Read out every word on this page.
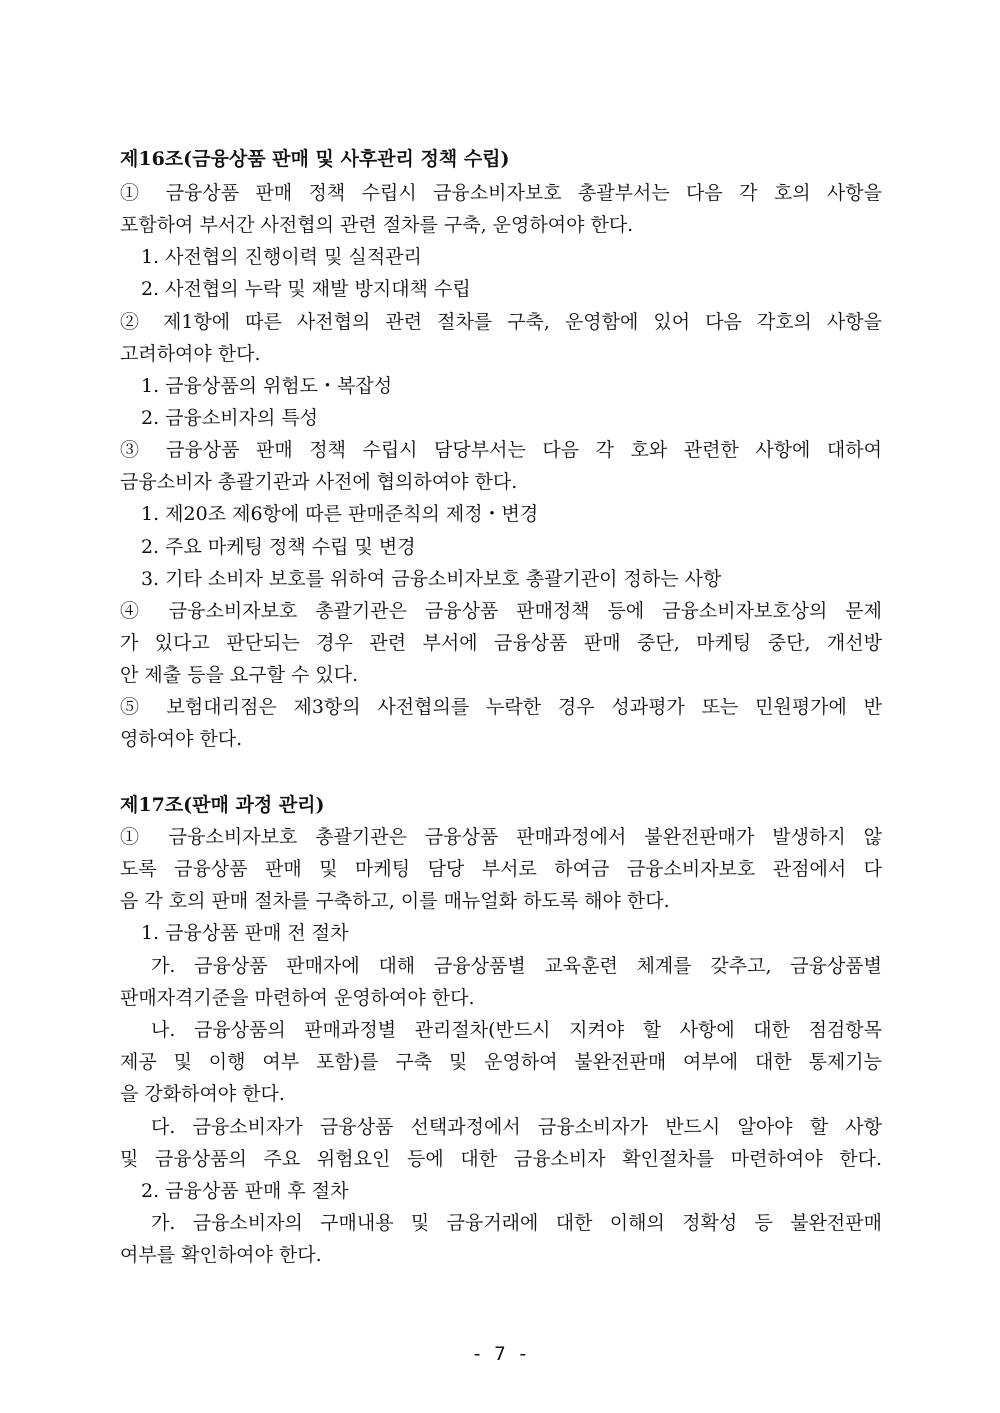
제16조(금융상품 판매 및 사후관리 정책 수립)
① 금융상품 판매 정책 수립시 금융소비자보호 총괄부서는 다음 각 호의 사항을
포함하여 부서간 사전협의 관련 절차를 구축, 운영하여야 한다.
1. 사전협의 진행이력 및 실적관리
2. 사전협의 누락 및 재발 방지대책 수립
② 제1항에 따른 사전협의 관련 절차를 구축, 운영함에 있어 다음 각호의 사항을
고려하여야 한다.
1. 금융상품의 위험도・복잡성
2. 금융소비자의 특성
③ 금융상품 판매 정책 수립시 담당부서는 다음 각 호와 관련한 사항에 대하여
금융소비자 총괄기관과 사전에 협의하여야 한다.
1. 제20조 제6항에 따른 판매준칙의 제정・변경
2. 주요 마케팅 정책 수립 및 변경
3. 기타 소비자 보호를 위하여 금융소비자보호 총괄기관이 정하는 사항
④ 금융소비자보호 총괄기관은 금융상품 판매정책 등에 금융소비자보호상의 문제
가 있다고 판단되는 경우 관련 부서에 금융상품 판매 중단, 마케팅 중단, 개선방
안 제출 등을 요구할 수 있다.
⑤ 보험대리점은 제3항의 사전협의를 누락한 경우 성과평가 또는 민원평가에 반
영하여야 한다.
제17조(판매 과정 관리)
① 금융소비자보호 총괄기관은 금융상품 판매과정에서 불완전판매가 발생하지 않
도록 금융상품 판매 및 마케팅 담당 부서로 하여금 금융소비자보호 관점에서 다
음 각 호의 판매 절차를 구축하고, 이를 매뉴얼화 하도록 해야 한다.
1. 금융상품 판매 전 절차
가. 금융상품 판매자에 대해 금융상품별 교육훈련 체계를 갖추고, 금융상품별
판매자격기준을 마련하여 운영하여야 한다.
나. 금융상품의 판매과정별 관리절차(반드시 지켜야 할 사항에 대한 점검항목
제공 및 이행 여부 포함)를 구축 및 운영하여 불완전판매 여부에 대한 통제기능
을 강화하여야 한다.
다. 금융소비자가 금융상품 선택과정에서 금융소비자가 반드시 알아야 할 사항
및 금융상품의 주요 위험요인 등에 대한 금융소비자 확인절차를 마련하여야 한다.
2. 금융상품 판매 후 절차
가. 금융소비자의 구매내용 및 금융거래에 대한 이해의 정확성 등 불완전판매
여부를 확인하여야 한다.
- 7 -
